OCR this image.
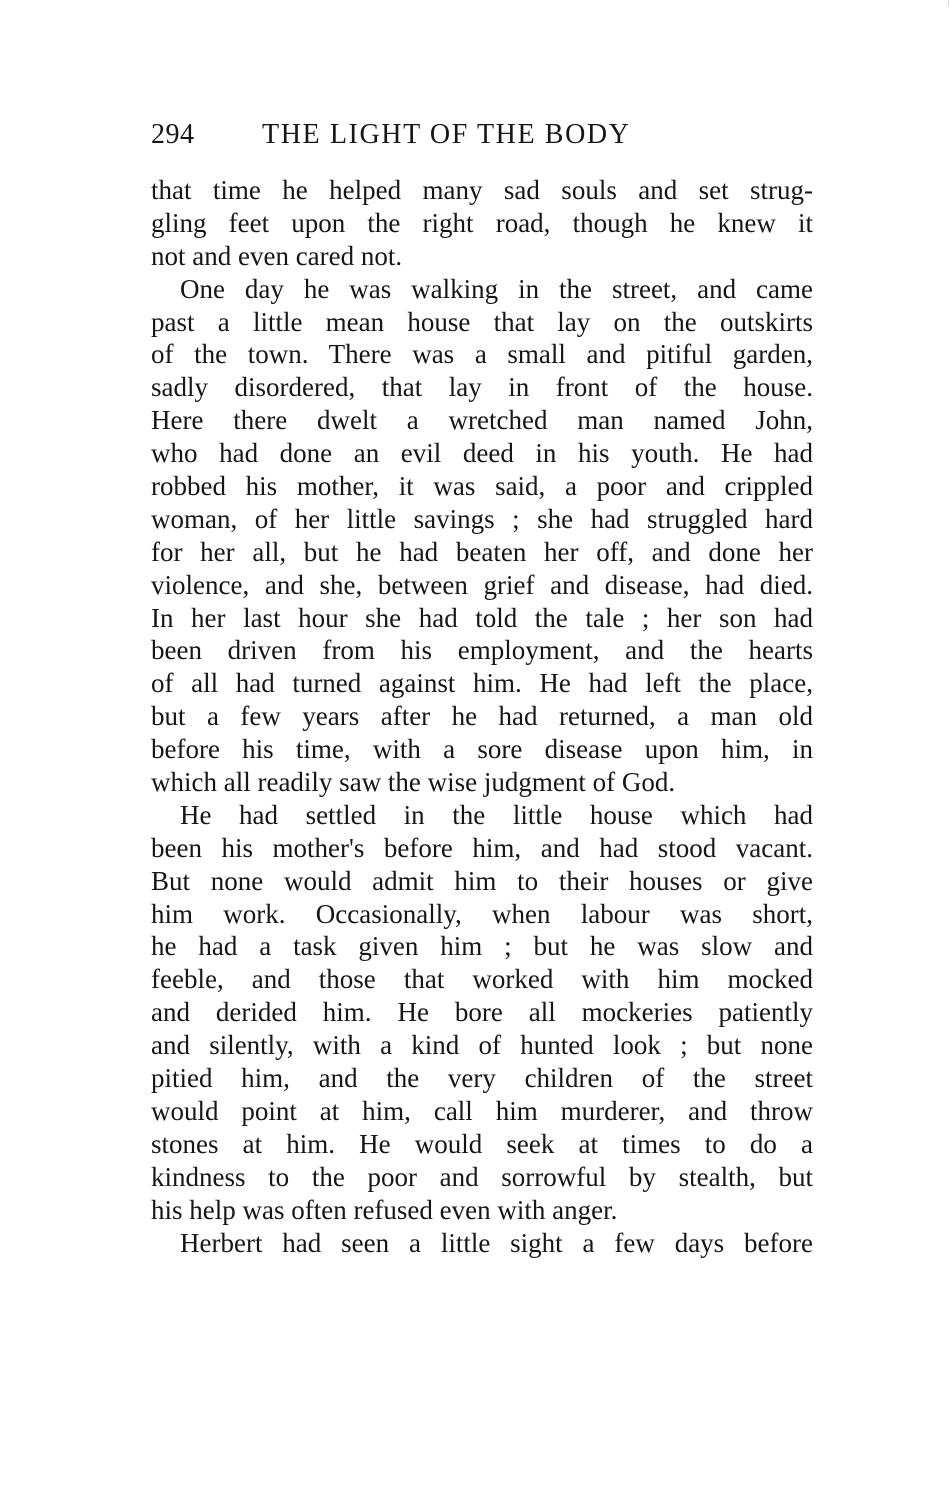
294 THE LIGHT OF THE BODY
that time he helped many sad souls and set strug-
gling feet upon the right road, though he knew it
not and even cared not.
One day he was walking in the street, and came
past a little mean house that lay on the outskirts
of the town. There was a small and pitiful garden,
sadly disordered, that lay in front of the house.
Here there dwelt a wretched man named John,
who had done an evil deed in his youth. He had
robbed his mother, it was said, a poor and crippled
woman, of her little savings ; she had struggled hard
for her all, but he had beaten her off, and done her
violence, and she, between grief and disease, had died.
In her last hour she had told the tale ; her son had
been driven from his employment, and the hearts
of all had turned against him. He had left the place,
but a few years after he had returned, a man old
before his time, with a sore disease upon him, in
which all readily saw the wise judgment of God.
He had settled in the little house which had
been his mother's before him, and had stood vacant.
But none would admit him to their houses or give
him work. Occasionally, when labour was short,
he had a task given him ; but he was slow and
feeble, and those that worked with him mocked
and derided him. He bore all mockeries patiently
and silently, with a kind of hunted look ; but none
pitied him, and the very children of the street
would point at him, call him murderer, and throw
stones at him. He would seek at times to do a
kindness to the poor and sorrowful by stealth, but
his help was often refused even with anger.
Herbert had seen a little sight a few days before
